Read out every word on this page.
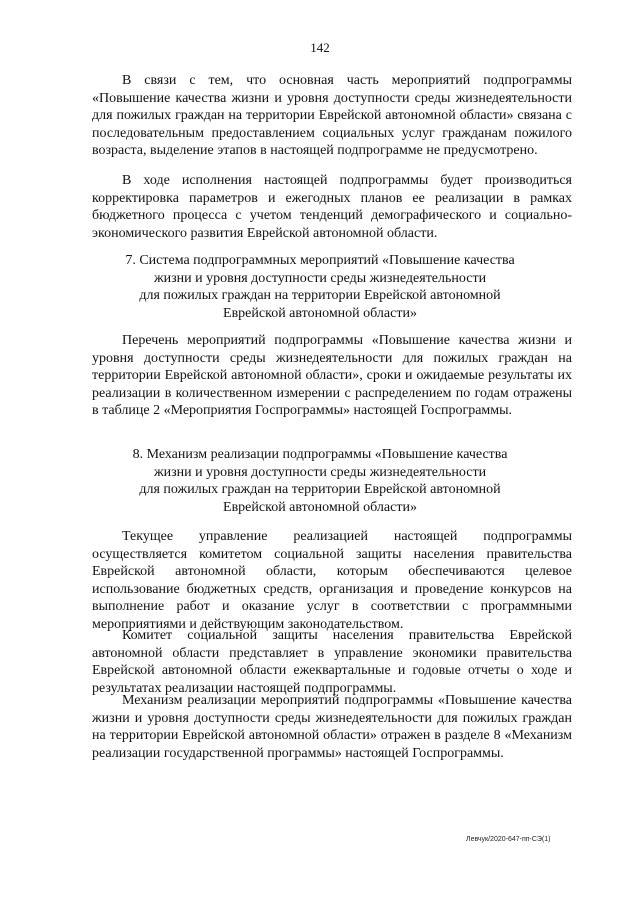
142

В связи с тем, что основная часть мероприятий подпрограммы «Повышение качества жизни и уровня доступности среды жизнедеятельности для пожилых граждан на территории Еврейской автономной области» связана с последовательным предоставлением социальных услуг гражданам пожилого возраста, выделение этапов в настоящей подпрограмме не предусмотрено.

В ходе исполнения настоящей подпрограммы будет производиться корректировка параметров и ежегодных планов ее реализации в рамках бюджетного процесса с учетом тенденций демографического и социально-экономического развития Еврейской автономной области.

7. Система подпрограммных мероприятий «Повышение качества
жизни и уровня доступности среды жизнедеятельности
для пожилых граждан на территории Еврейской автономной
Еврейской автономной области»

Перечень мероприятий подпрограммы «Повышение качества жизни и уровня доступности среды жизнедеятельности для пожилых граждан на территории Еврейской автономной области», сроки и ожидаемые результаты их реализации в количественном измерении с распределением по годам отражены в таблице 2 «Мероприятия Госпрограммы» настоящей Госпрограммы.

8. Механизм реализации подпрограммы «Повышение качества
жизни и уровня доступности среды жизнедеятельности
для пожилых граждан на территории Еврейской автономной
Еврейской автономной области»

Текущее управление реализацией настоящей подпрограммы осуществляется комитетом социальной защиты населения правительства Еврейской автономной области, которым обеспечиваются целевое использование бюджетных средств, организация и проведение конкурсов на выполнение работ и оказание услуг в соответствии с программными мероприятиями и действующим законодательством.

Комитет социальной защиты населения правительства Еврейской автономной области представляет в управление экономики правительства Еврейской автономной области ежеквартальные и годовые отчеты о ходе и результатах реализации настоящей подпрограммы.

Механизм реализации мероприятий подпрограммы «Повышение качества жизни и уровня доступности среды жизнедеятельности для пожилых граждан на территории Еврейской автономной области» отражен в разделе 8 «Механизм реализации государственной программы» настоящей Госпрограммы.

Левчук/2020-647-пп-СЭ(1)
